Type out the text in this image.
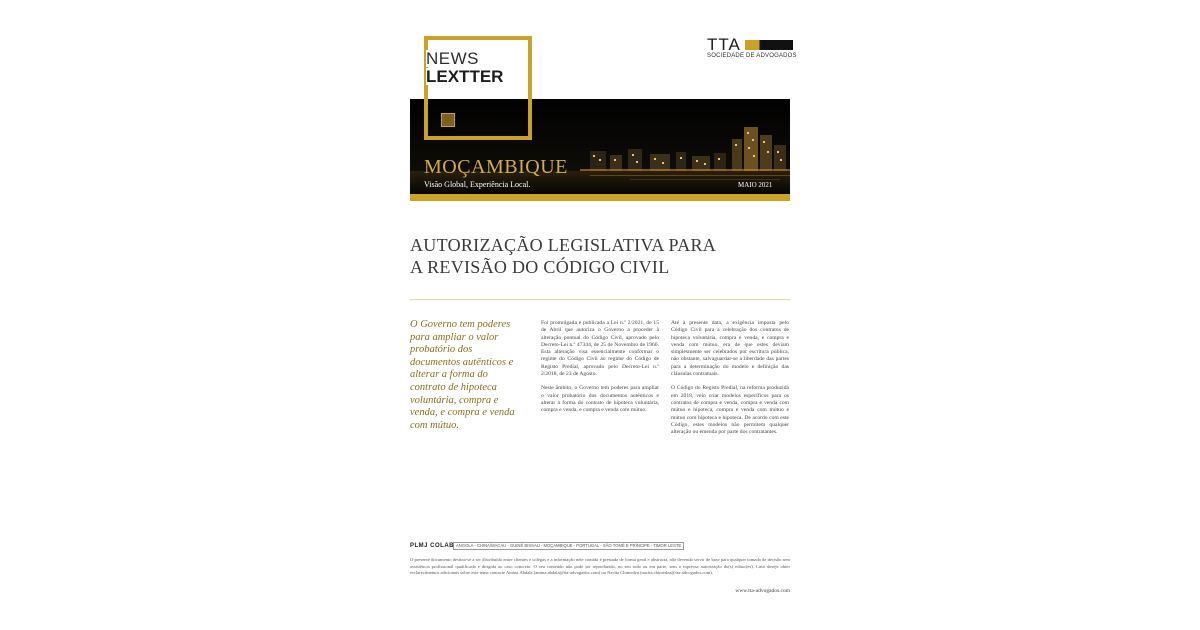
NEWS
LEXTTER
TTA
SOCIEDADE DE ADVOGADOS
MOÇAMBIQUE
Visão Global, Experiência Local.	MAIO 2021
AUTORIZAÇÃO LEGISLATIVA PARA
A REVISÃO DO CÓDIGO CIVIL
O Governo tem poderes para ampliar o valor probatório dos documentos autênticos e alterar a forma do contrato de hipoteca voluntária, compra e venda, e compra e venda com mútuo.

Foi promulgada e publicada a Lei n.º 2/2021, de 15 de Abril que autoriza o Governo a proceder à alteração pontual do Código Civil, aprovado pelo Decreto-Lei n.º 47344, de 25 de Novembro de 1966. Esta alteração visa essencialmente conformar o regime do Código Civil ao regime do Código de Registo Predial, aprovado pelo Decreto-Lei n.º 2/2018, de 23 de Agosto.

Neste âmbito, o Governo tem poderes para ampliar o valor probatório dos documentos autênticos e alterar a forma do contrato de hipoteca voluntária, compra e venda, e compra e venda com mútuo.

Até à presente data, a exigência imposta pelo Código Civil para a celebração dos contratos de hipoteca voluntária, compra e venda, e compra e venda com mútuo, era de que estes deviam simplesmente ser celebrados por escritura pública, não obstante, salvaguardar-se a liberdade das partes para a determinação do modelo e definição das cláusulas contratuais.

O Código do Registo Predial, na reforma produzida em 2018, veio criar modelos específicos para os contratos de compra e venda, compra e venda com mútuo e hipoteca, compra e venda com mútuo e mútuo com hipoteca e hipoteca. De acordo com este Código, estes modelos não permitem qualquer alteração ou emenda por parte dos contratantes.

PLMJ COLAB ANGOLA - CHINA/MACAU - GUINÉ BISSAU - MOÇAMBIQUE - PORTUGAL - SÃO TOMÉ E PRÍNCIPE - TIMOR LESTE
O presente documento destina-se a ser distribuído entre clientes e colegas e a informação nele contida é prestada de forma geral e abstracta, não devendo servir de base para qualquer tomada de decisão sem assistência profissional qualificada e dirigida ao caso concreto. O seu conteúdo não pode ser reproduzido, no seu todo ou em parte, sem a expressa autorização do(s) editor(es). Caso deseje obter esclarecimentos adicionais sobre este tema contacte Amina Abdala (amina.abdala@tta-advogados.com) ou Nacita Chimedza (nacita.chimedza@tta-advogados.com).
www.tta-advogados.com
